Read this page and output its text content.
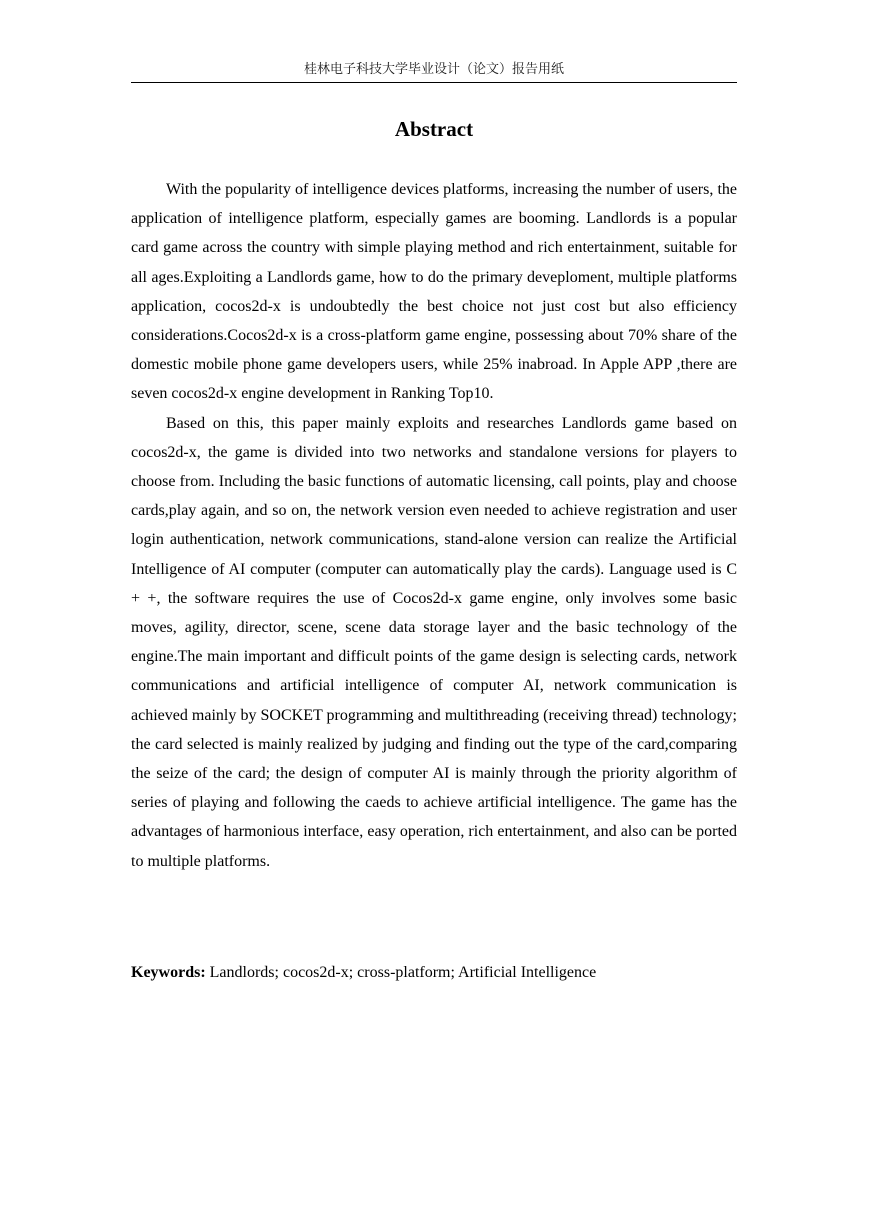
桂林电子科技大学毕业设计（论文）报告用纸
Abstract

With the popularity of intelligence devices platforms, increasing the number of users, the application of intelligence platform, especially games are booming. Landlords is a popular card game across the country with simple playing method and rich entertainment, suitable for all ages.Exploiting a Landlords game, how to do the primary deveploment, multiple platforms application, cocos2d-x is undoubtedly the best choice not just cost but also efficiency considerations.Cocos2d-x is a cross-platform game engine, possessing about 70% share of the domestic mobile phone game developers users, while 25% inabroad. In Apple APP ,there are seven cocos2d-x engine development in Ranking Top10.

Based on this, this paper mainly exploits and researches Landlords game based on cocos2d-x, the game is divided into two networks and standalone versions for players to choose from. Including the basic functions of automatic licensing, call points, play and choose cards,play again, and so on, the network version even needed to achieve registration and user login authentication, network communications, stand-alone version can realize the Artificial Intelligence of AI computer (computer can automatically play the cards). Language used is C + +, the software requires the use of Cocos2d-x game engine, only involves some basic moves, agility, director, scene, scene data storage layer and the basic technology of the engine.The main important and difficult points of the game design is selecting cards, network communications and artificial intelligence of computer AI, network communication is achieved mainly by SOCKET programming and multithreading (receiving thread) technology; the card selected is mainly realized by judging and finding out the type of the card,comparing the seize of the card; the design of computer AI is mainly through the priority algorithm of series of playing and following the caeds to achieve artificial intelligence. The game has the advantages of harmonious interface, easy operation, rich entertainment, and also can be ported to multiple platforms.

Keywords: Landlords; cocos2d-x; cross-platform; Artificial Intelligence
